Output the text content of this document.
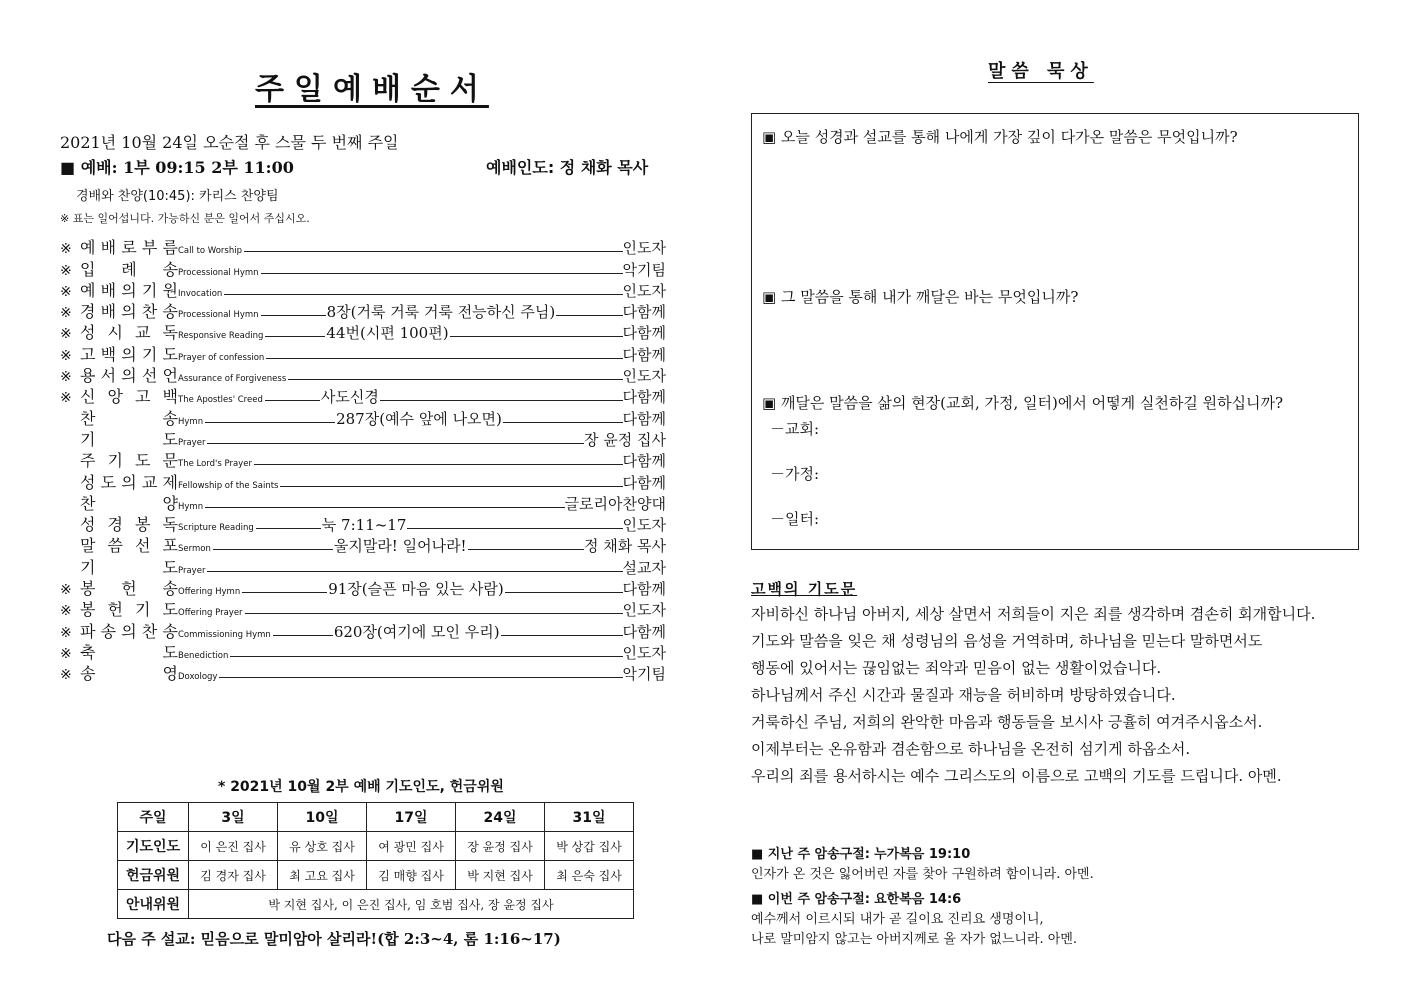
주일예배순서
2021년 10월 24일 오순절 후 스물 두 번째 주일
■ 예배: 1부 09:15 2부 11:00	예배인도: 정 채화 목사
경배와 찬양(10:45): 카리스 찬양팀
※ 표는 일어섭니다. 가능하신 분은 일어서 주십시오.
※ 예 배 로 부 름 Call to Worship	인도자
※ 입 례 송 Processional Hymn	악기팀
※ 예 배 의 기 원 Invocation	인도자
※ 경 배 의 찬 송 Processional Hymn	8장(거룩 거룩 거룩 전능하신 주님)	다함께
※ 성 시 교 독 Responsive Reading	44번(시편 100편)	다함께
※ 고 백 의 기 도 Prayer of confession	다함께
※ 용 서 의 선 언 Assurance of Forgiveness	인도자
※ 신 앙 고 백 The Apostles' Creed	사도신경	다함께
찬	송 Hymn	287장(예수 앞에 나오면)	다함께
기	도 Prayer	장 윤정 집사
주 기 도 문 The Lord's Prayer	다함께
성 도 의 교 제 Fellowship of the Saints	다함께
찬	양 Hymn	글로리아찬양대
성 경 봉 독 Scripture Reading	눅 7:11~17	인도자
말 씀 선 포 Sermon	울지말라! 일어나라!	정 채화 목사
기	도 Prayer	설교자
※ 봉 헌 송 Offering Hymn	91장(슬픈 마음 있는 사람)	다함께
※ 봉 헌 기 도 Offering Prayer	인도자
※ 파 송 의 찬 송 Commissioning Hymn	620장(여기에 모인 우리)	다함께
※ 축	도 Benediction	인도자
※ 송	영 Doxology	악기팀
* 2021년 10월 2부 예배 기도인도, 헌금위원
주일	3일	10일	17일	24일	31일
기도인도	이 은진 집사	유 상호 집사	여 광민 집사	장 윤정 집사	박 상갑 집사
헌금위원	김 경자 집사	최 고요 집사	김 매향 집사	박 지현 집사	최 은숙 집사
안내위원	박 지현 집사, 이 은진 집사, 임 호범 집사, 장 윤정 집사				
다음 주 설교: 믿음으로 말미암아 살리라!(합 2:3~4, 롬 1:16~17)
말씀 묵상
▣ 오늘 성경과 설교를 통해 나에게 가장 깊이 다가온 말씀은 무엇입니까?
▣ 그 말씀을 통해 내가 깨달은 바는 무엇입니까?
▣ 깨달은 말씀을 삶의 현장(교회, 가정, 일터)에서 어떻게 실천하길 원하십니까?
－교회:
－가정:
－일터:
고백의 기도문
자비하신 하나님 아버지, 세상 살면서 저희들이 지은 죄를 생각하며 겸손히 회개합니다.
기도와 말씀을 잊은 채 성령님의 음성을 거역하며, 하나님을 믿는다 말하면서도
행동에 있어서는 끊임없는 죄악과 믿음이 없는 생활이었습니다.
하나님께서 주신 시간과 물질과 재능을 허비하며 방탕하였습니다.
거룩하신 주님, 저희의 완악한 마음과 행동들을 보시사 긍휼히 여겨주시옵소서.
이제부터는 온유함과 겸손함으로 하나님을 온전히 섬기게 하옵소서.
우리의 죄를 용서하시는 예수 그리스도의 이름으로 고백의 기도를 드립니다. 아멘.
■ 지난 주 암송구절: 누가복음 19:10
인자가 온 것은 잃어버린 자를 찾아 구원하려 함이니라. 아멘.
■ 이번 주 암송구절: 요한복음 14:6
예수께서 이르시되 내가 곧 길이요 진리요 생명이니,
나로 말미암지 않고는 아버지께로 올 자가 없느니라. 아멘.
